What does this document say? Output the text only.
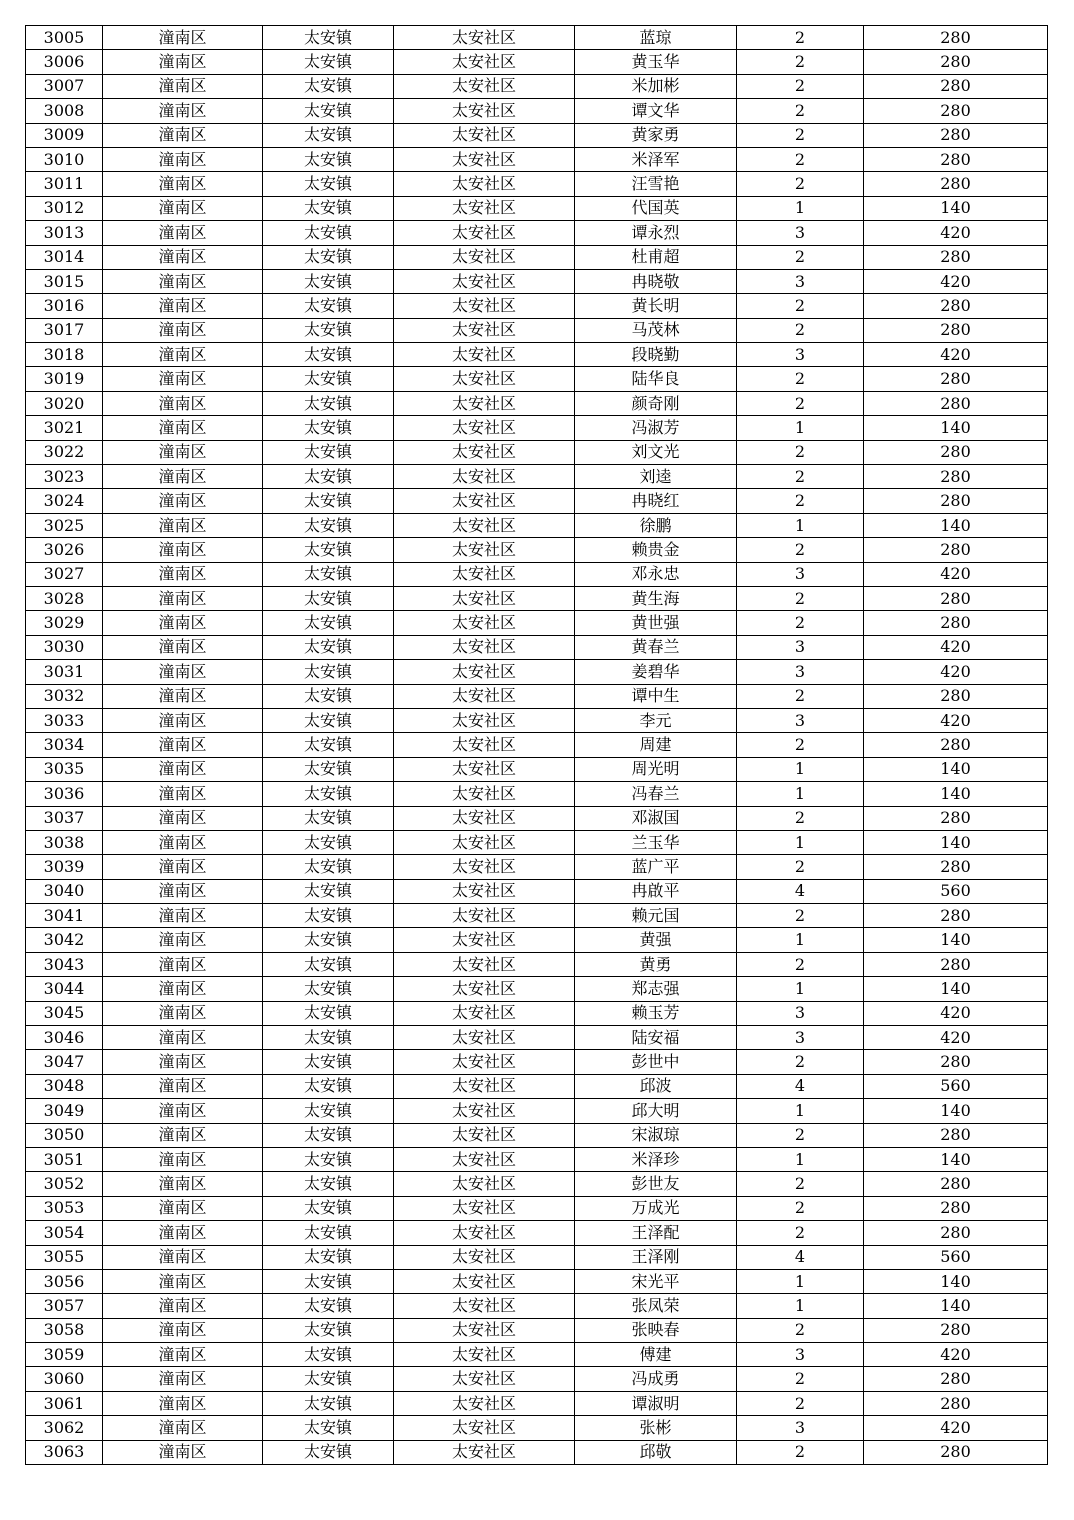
3005	潼南区	太安镇	太安社区	蓝琼	2	280
3006	潼南区	太安镇	太安社区	黄玉华	2	280
3007	潼南区	太安镇	太安社区	米加彬	2	280
3008	潼南区	太安镇	太安社区	谭文华	2	280
3009	潼南区	太安镇	太安社区	黄家勇	2	280
3010	潼南区	太安镇	太安社区	米泽军	2	280
3011	潼南区	太安镇	太安社区	汪雪艳	2	280
3012	潼南区	太安镇	太安社区	代国英	1	140
3013	潼南区	太安镇	太安社区	谭永烈	3	420
3014	潼南区	太安镇	太安社区	杜甫超	2	280
3015	潼南区	太安镇	太安社区	冉晓敬	3	420
3016	潼南区	太安镇	太安社区	黄长明	2	280
3017	潼南区	太安镇	太安社区	马茂林	2	280
3018	潼南区	太安镇	太安社区	段晓勤	3	420
3019	潼南区	太安镇	太安社区	陆华良	2	280
3020	潼南区	太安镇	太安社区	颜奇刚	2	280
3021	潼南区	太安镇	太安社区	冯淑芳	1	140
3022	潼南区	太安镇	太安社区	刘文光	2	280
3023	潼南区	太安镇	太安社区	刘逵	2	280
3024	潼南区	太安镇	太安社区	冉晓红	2	280
3025	潼南区	太安镇	太安社区	徐鹏	1	140
3026	潼南区	太安镇	太安社区	赖贵金	2	280
3027	潼南区	太安镇	太安社区	邓永忠	3	420
3028	潼南区	太安镇	太安社区	黄生海	2	280
3029	潼南区	太安镇	太安社区	黄世强	2	280
3030	潼南区	太安镇	太安社区	黄春兰	3	420
3031	潼南区	太安镇	太安社区	姜碧华	3	420
3032	潼南区	太安镇	太安社区	谭中生	2	280
3033	潼南区	太安镇	太安社区	李元	3	420
3034	潼南区	太安镇	太安社区	周建	2	280
3035	潼南区	太安镇	太安社区	周光明	1	140
3036	潼南区	太安镇	太安社区	冯春兰	1	140
3037	潼南区	太安镇	太安社区	邓淑国	2	280
3038	潼南区	太安镇	太安社区	兰玉华	1	140
3039	潼南区	太安镇	太安社区	蓝广平	2	280
3040	潼南区	太安镇	太安社区	冉啟平	4	560
3041	潼南区	太安镇	太安社区	赖元国	2	280
3042	潼南区	太安镇	太安社区	黄强	1	140
3043	潼南区	太安镇	太安社区	黄勇	2	280
3044	潼南区	太安镇	太安社区	郑志强	1	140
3045	潼南区	太安镇	太安社区	赖玉芳	3	420
3046	潼南区	太安镇	太安社区	陆安福	3	420
3047	潼南区	太安镇	太安社区	彭世中	2	280
3048	潼南区	太安镇	太安社区	邱波	4	560
3049	潼南区	太安镇	太安社区	邱大明	1	140
3050	潼南区	太安镇	太安社区	宋淑琼	2	280
3051	潼南区	太安镇	太安社区	米泽珍	1	140
3052	潼南区	太安镇	太安社区	彭世友	2	280
3053	潼南区	太安镇	太安社区	万成光	2	280
3054	潼南区	太安镇	太安社区	王泽配	2	280
3055	潼南区	太安镇	太安社区	王泽刚	4	560
3056	潼南区	太安镇	太安社区	宋光平	1	140
3057	潼南区	太安镇	太安社区	张凤荣	1	140
3058	潼南区	太安镇	太安社区	张映春	2	280
3059	潼南区	太安镇	太安社区	傅建	3	420
3060	潼南区	太安镇	太安社区	冯成勇	2	280
3061	潼南区	太安镇	太安社区	谭淑明	2	280
3062	潼南区	太安镇	太安社区	张彬	3	420
3063	潼南区	太安镇	太安社区	邱敬	2	280
